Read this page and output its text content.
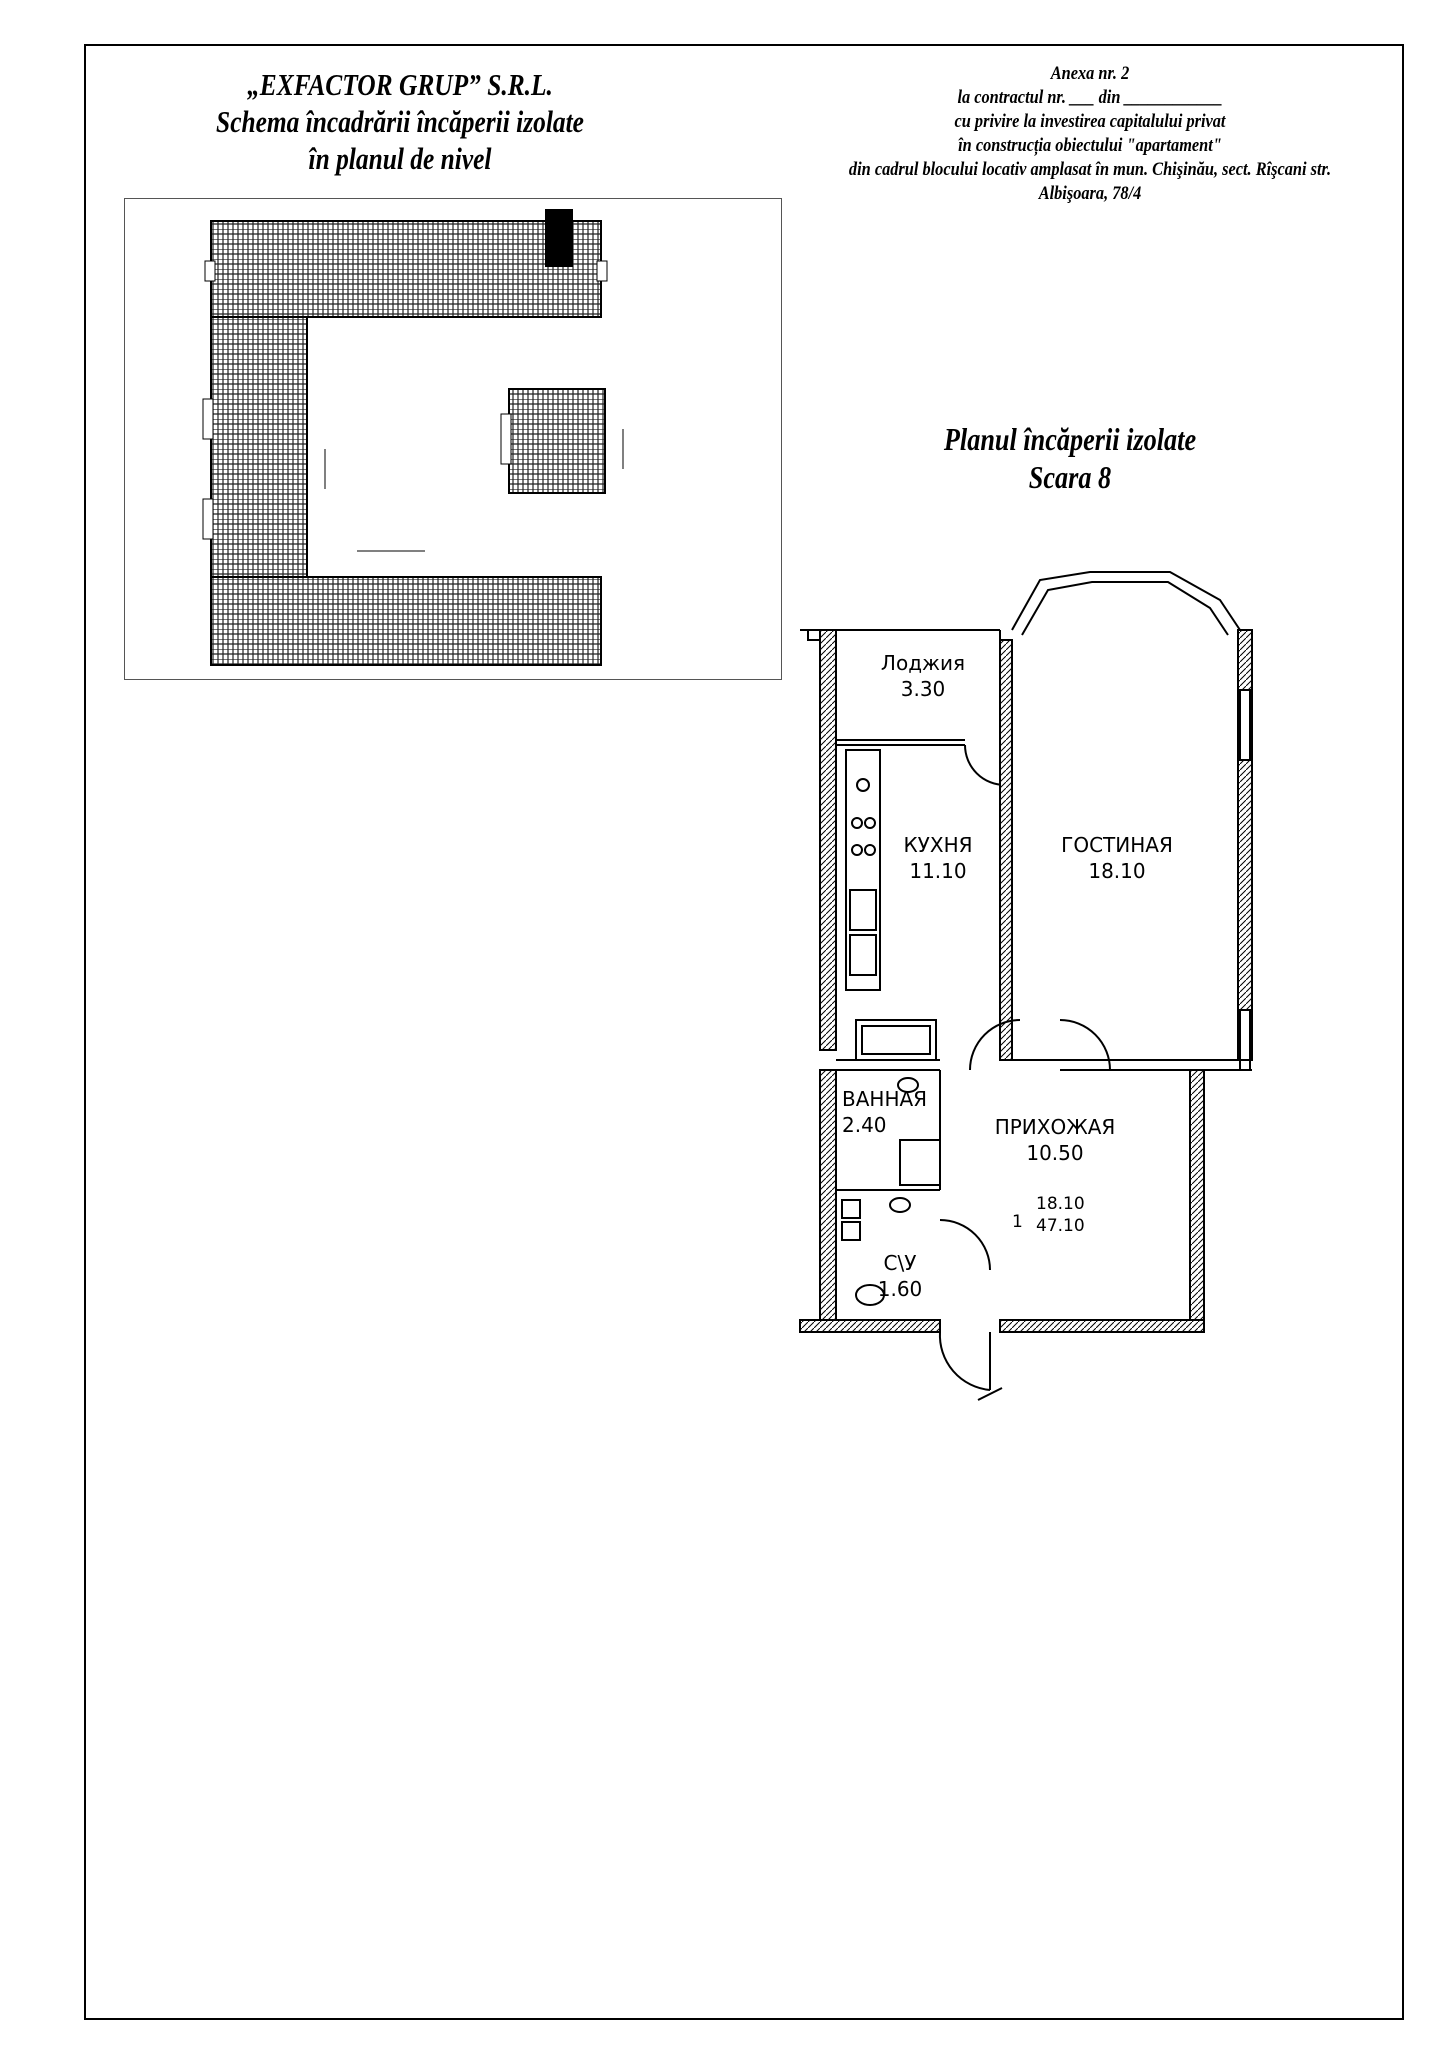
„EXFACTOR GRUP” S.R.L.
Schema încadrării încăperii izolate
în planul de nivel
Anexa nr. 2
la contractul nr. ___ din ____________
cu privire la investirea capitalului privat
în construcția obiectului "apartament"
din cadrul blocului locativ amplasat în mun. Chişinău, sect. Rîşcani str.
Albişoara, 78/4
Planul încăperii izolate
Scara 8
Лоджия
3.30
КУХНЯ
11.10
ГОСТИНАЯ
18.10
ВАННАЯ
2.40	ПРИХОЖАЯ
10.50
С\У
1.60
1
18.10
47.10
